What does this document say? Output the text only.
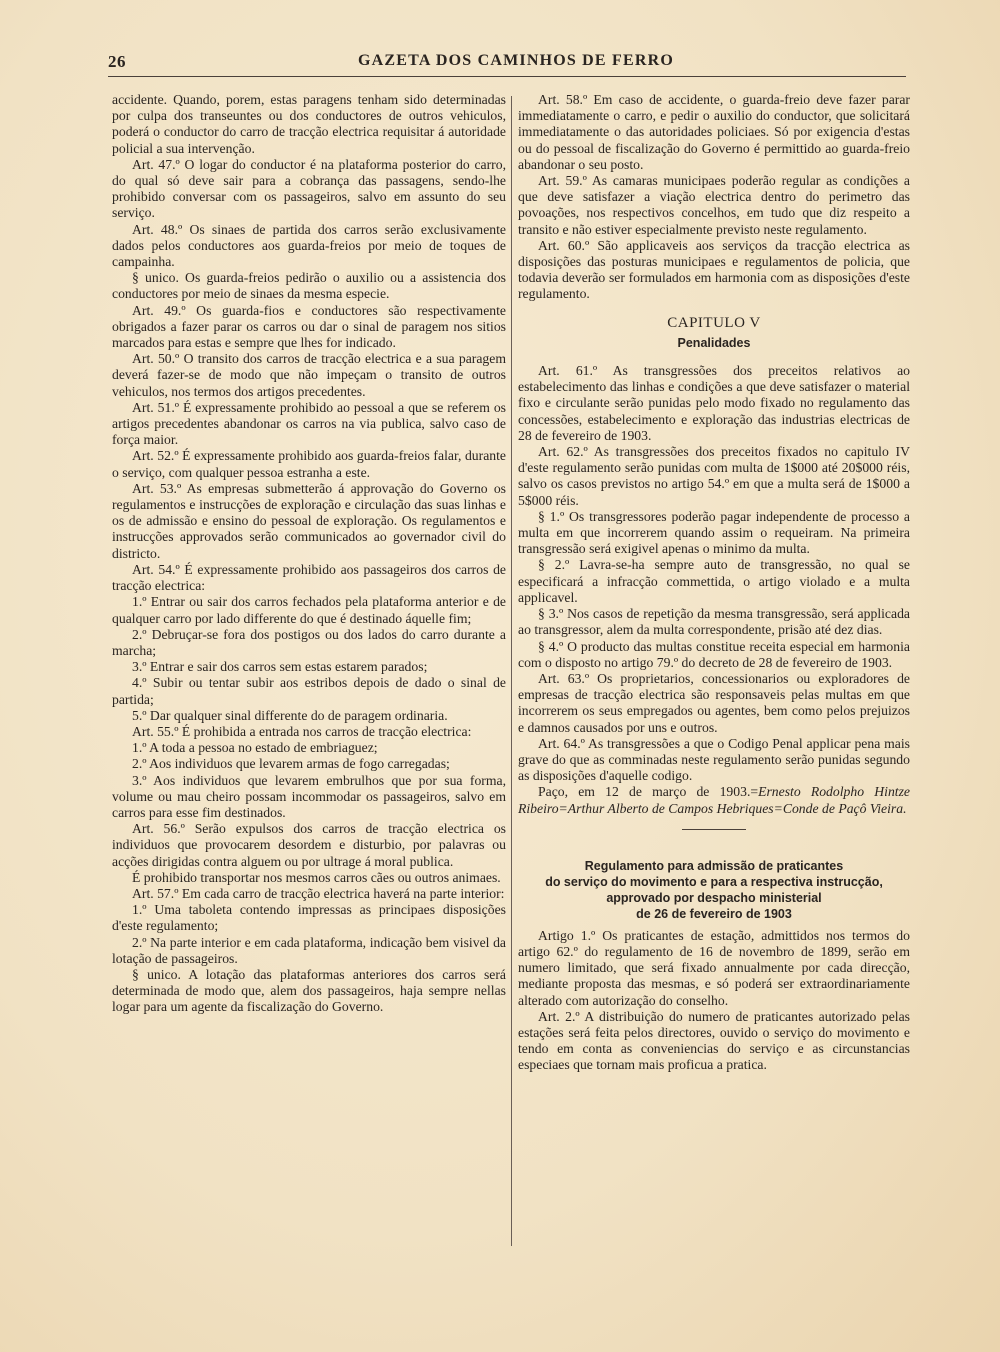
26	GAZETA DOS CAMINHOS DE FERRO

accidente. Quando, porem, estas paragens tenham sido determinadas por culpa dos transeuntes ou dos conductores de outros vehiculos, poderá o conductor do carro de tracção electrica requisitar á autoridade policial a sua intervenção.

Art. 47.º O logar do conductor é na plataforma posterior do carro, do qual só deve sair para a cobrança das passagens, sendo-lhe prohibido conversar com os passageiros, salvo em assunto do seu serviço.

Art. 48.º Os sinaes de partida dos carros serão exclusivamente dados pelos conductores aos guarda-freios por meio de toques de campainha.

§ unico. Os guarda-freios pedirão o auxilio ou a assistencia dos conductores por meio de sinaes da mesma especie.

Art. 49.º Os guarda-fios e conductores são respectivamente obrigados a fazer parar os carros ou dar o sinal de paragem nos sitios marcados para estas e sempre que lhes for indicado.

Art. 50.º O transito dos carros de tracção electrica e a sua paragem deverá fazer-se de modo que não impeçam o transito de outros vehiculos, nos termos dos artigos precedentes.

Art. 51.º É expressamente prohibido ao pessoal a que se referem os artigos precedentes abandonar os carros na via publica, salvo caso de força maior.

Art. 52.º É expressamente prohibido aos guarda-freios falar, durante o serviço, com qualquer pessoa estranha a este.

Art. 53.º As empresas submetterão á approvação do Governo os regulamentos e instrucções de exploração e circulação das suas linhas e os de admissão e ensino do pessoal de exploração. Os regulamentos e instrucções approvados serão communicados ao governador civil do districto.

Art. 54.º É expressamente prohibido aos passageiros dos carros de tracção electrica:

1.º Entrar ou sair dos carros fechados pela plataforma anterior e de qualquer carro por lado differente do que é destinado áquelle fim;

2.º Debruçar-se fora dos postigos ou dos lados do carro durante a marcha;

3.º Entrar e sair dos carros sem estas estarem parados;

4.º Subir ou tentar subir aos estribos depois de dado o sinal de partida;

5.º Dar qualquer sinal differente do de paragem ordinaria.

Art. 55.º É prohibida a entrada nos carros de tracção electrica:

1.º A toda a pessoa no estado de embriaguez;

2.º Aos individuos que levarem armas de fogo carregadas;

3.º Aos individuos que levarem embrulhos que por sua forma, volume ou mau cheiro possam incommodar os passageiros, salvo em carros para esse fim destinados.

Art. 56.º Serão expulsos dos carros de tracção electrica os individuos que provocarem desordem e disturbio, por palavras ou acções dirigidas contra alguem ou por ultrage á moral publica.

É prohibido transportar nos mesmos carros cães ou outros animaes.

Art. 57.º Em cada carro de tracção electrica haverá na parte interior:

1.º Uma taboleta contendo impressas as principaes disposições d'este regulamento;

2.º Na parte interior e em cada plataforma, indicação bem visivel da lotação de passageiros.

§ unico. A lotação das plataformas anteriores dos carros será determinada de modo que, alem dos passageiros, haja sempre nellas logar para um agente da fiscalização do Governo.

Art. 58.º Em caso de accidente, o guarda-freio deve fazer parar immediatamente o carro, e pedir o auxilio do conductor, que solicitará immediatamente o das autoridades policiaes. Só por exigencia d'estas ou do pessoal de fiscalização do Governo é permittido ao guarda-freio abandonar o seu posto.

Art. 59.º As camaras municipaes poderão regular as condições a que deve satisfazer a viação electrica dentro do perimetro das povoações, nos respectivos concelhos, em tudo que diz respeito a transito e não estiver especialmente previsto neste regulamento.

Art. 60.º São applicaveis aos serviços da tracção electrica as disposições das posturas municipaes e regulamentos de policia, que todavia deverão ser formulados em harmonia com as disposições d'este regulamento.

CAPITULO V
Penalidades

Art. 61.º As transgressões dos preceitos relativos ao estabelecimento das linhas e condições a que deve satisfazer o material fixo e circulante serão punidas pelo modo fixado no regulamento das concessões, estabelecimento e exploração das industrias electricas de 28 de fevereiro de 1903.

Art. 62.º As transgressões dos preceitos fixados no capitulo IV d'este regulamento serão punidas com multa de 1$000 até 20$000 réis, salvo os casos previstos no artigo 54.º em que a multa será de 1$000 a 5$000 réis.

§ 1.º Os transgressores poderão pagar independente de processo a multa em que incorrerem quando assim o requeiram. Na primeira transgressão será exigivel apenas o minimo da multa.

§ 2.º Lavra-se-ha sempre auto de transgressão, no qual se especificará a infracção commettida, o artigo violado e a multa applicavel.

§ 3.º Nos casos de repetição da mesma transgressão, será applicada ao transgressor, alem da multa correspondente, prisão até dez dias.

§ 4.º O producto das multas constitue receita especial em harmonia com o disposto no artigo 79.º do decreto de 28 de fevereiro de 1903.

Art. 63.º Os proprietarios, concessionarios ou exploradores de empresas de tracção electrica são responsaveis pelas multas em que incorrerem os seus empregados ou agentes, bem como pelos prejuizos e damnos causados por uns e outros.

Art. 64.º As transgressões a que o Codigo Penal applicar pena mais grave do que as comminadas neste regulamento serão punidas segundo as disposições d'aquelle codigo.

Paço, em 12 de março de 1903.=Ernesto Rodolpho Hintze Ribeiro=Arthur Alberto de Campos Hebriques=Conde de Paçô Vieira.

Regulamento para admissão de praticantes
do serviço do movimento e para a respectiva instrucção,
approvado por despacho ministerial
de 26 de fevereiro de 1903

Artigo 1.º Os praticantes de estação, admittidos nos termos do artigo 62.º do regulamento de 16 de novembro de 1899, serão em numero limitado, que será fixado annualmente por cada direcção, mediante proposta das mesmas, e só poderá ser extraordinariamente alterado com autorização do conselho.

Art. 2.º A distribuição do numero de praticantes autorizado pelas estações será feita pelos directores, ouvido o serviço do movimento e tendo em conta as conveniencias do serviço e as circunstancias especiaes que tornam mais proficua a pratica.
